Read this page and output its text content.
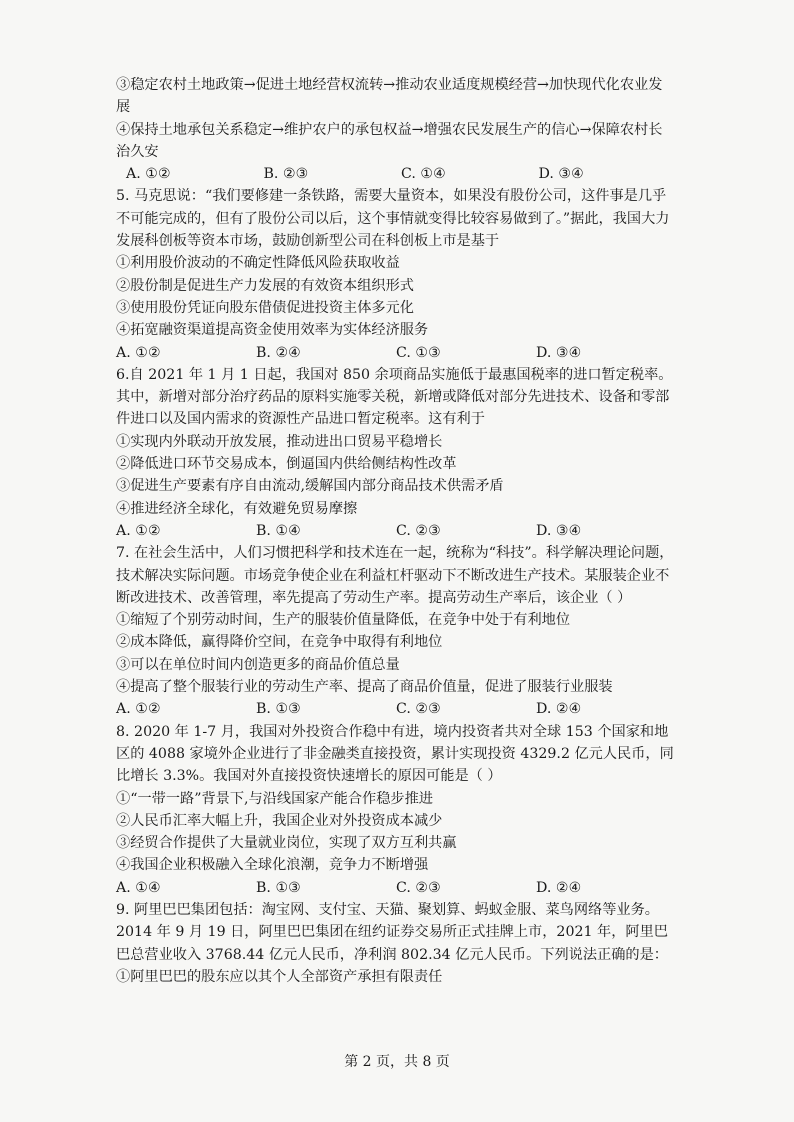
③稳定农村土地政策→促进土地经营权流转→推动农业适度规模经营→加快现代化农业发展
④保持土地承包关系稳定→维护农户的承包权益→增强农民发展生产的信心→保障农村长治久安
A. ①②	B. ②③	C. ①④	D. ③④
5. 马克思说：“我们要修建一条铁路，需要大量资本，如果没有股份公司，这件事是几乎不可能完成的，但有了股份公司以后，这个事情就变得比较容易做到了。”据此，我国大力发展科创板等资本市场，鼓励创新型公司在科创板上市是基于
①利用股价波动的不确定性降低风险获取收益
②股份制是促进生产力发展的有效资本组织形式
③使用股份凭证向股东借债促进投资主体多元化
④拓宽融资渠道提高资金使用效率为实体经济服务
A. ①②	B. ②④	C. ①③	D. ③④
6.自 2021 年 1 月 1 日起，我国对 850 余项商品实施低于最惠国税率的进口暂定税率。其中，新增对部分治疗药品的原料实施零关税，新增或降低对部分先进技术、设备和零部件进口以及国内需求的资源性产品进口暂定税率。这有利于
①实现内外联动开放发展，推动进出口贸易平稳增长
②降低进口环节交易成本，倒逼国内供给侧结构性改革
③促进生产要素有序自由流动,缓解国内部分商品技术供需矛盾
④推进经济全球化，有效避免贸易摩擦
A. ①②	B. ①④	C. ②③	D. ③④
7. 在社会生活中，人们习惯把科学和技术连在一起，统称为“科技”。科学解决理论问题，技术解决实际问题。市场竞争使企业在利益杠杆驱动下不断改进生产技术。某服装企业不断改进技术、改善管理，率先提高了劳动生产率。提高劳动生产率后，该企业（ ）
①缩短了个别劳动时间，生产的服装价值量降低，在竞争中处于有利地位
②成本降低，赢得降价空间，在竞争中取得有利地位
③可以在单位时间内创造更多的商品价值总量
④提高了整个服装行业的劳动生产率、提高了商品价值量，促进了服装行业服装
A. ①②	B. ①③	C. ②③	D. ②④
8. 2020 年 1-7 月，我国对外投资合作稳中有进，境内投资者共对全球 153 个国家和地区的 4088 家境外企业进行了非金融类直接投资，累计实现投资 4329.2 亿元人民币，同比增长 3.3%。我国对外直接投资快速增长的原因可能是（ ）
①“一带一路”背景下,与沿线国家产能合作稳步推进
②人民币汇率大幅上升，我国企业对外投资成本减少
③经贸合作提供了大量就业岗位，实现了双方互利共赢
④我国企业积极融入全球化浪潮，竞争力不断增强
A. ①④	B. ①③	C. ②③	D. ②④
9. 阿里巴巴集团包括：淘宝网、支付宝、天猫、聚划算、蚂蚁金服、菜鸟网络等业务。2014 年 9 月 19 日，阿里巴巴集团在纽约证券交易所正式挂牌上市，2021 年，阿里巴巴总营业收入 3768.44 亿元人民币，净利润 802.34 亿元人民币。下列说法正确的是：
①阿里巴巴的股东应以其个人全部资产承担有限责任
第 2 页，共 8 页
